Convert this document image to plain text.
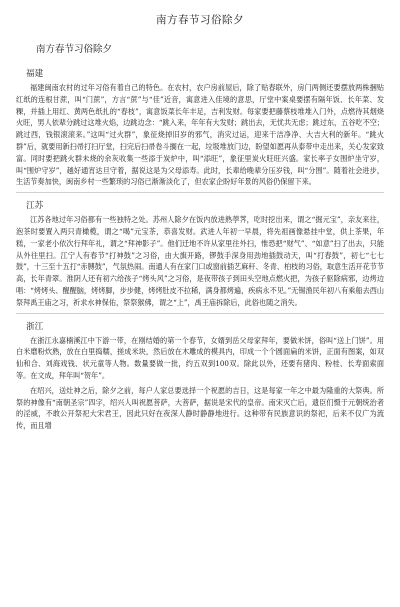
南方春节习俗除夕
南方春节习俗除夕
福建

福建闽南农村的过年习俗有着自己的特色。在农村，农户房前屋后，除了贴春联外，房门两侧还要摆放两株捆贴红纸的连根甘蔗，叫“门蔗”，方言“蔗”与“佳”近音，寓意进入佳境的意思，厅堂中案桌要摆有隔年饭、长年菜、发粿，并插上用红、黄两色纸扎的“春枝”，寓意饭菜长年丰足，吉利发财。每家要把藤蔡枝堆堆入门外，点燃待其烟烧火旺，男人依辈分跳过这堆火焰，边跳边念：“跳入来，年年有大发财；跳出去，无忧共无虑；跳过东，五谷吃不空；跳过西，钱银滚滚来。”这叫“过火群”，象征烧掉旧岁的邪气，消灾过运，迎来干洁净净、大吉大利的新年。“跳火群”后，就要用新扫帚打扫厅堂，扫完后扫帚卷斗搁在一起，垃圾堆放门边，盼望如愿再从泰带中走出来，关心发家致富。同时要把跳火群未烧的余灰收集一些添于炭炉中，叫“添旺”，象征里炭火旺旺兴盛。家长率子女围炉坐守岁，叫“围炉守岁”，越好通宵达旦守着，据说这是为父母添寿。此时，长辈给晚辈分压岁钱，叫“分围”。随着社会进步，生活节奏加快，闽南乡村一些繁琐的习俗已渐渐淡化了，但农家企盼好年景的风俗仍保留下来。

江苏

江苏各地过年习俗都有一些独特之处。苏州人除夕在饭内放进熟荸荠，吃时挖出来，谓之“掘元宝”，亲友来往，泡茶时要置入两只青橄榄，谓之“喝”元宝茶，恭喜发财。武进人年初一早晨，将先祖画像悬挂中堂，供上茶果，年糕，一家老小依次行拜年礼，谓之“拜神影子”。他们迁地不许从家里往外扫，惟恐把“财气”、“如意”扫了出去，只能从外往里扫。江宁人有春节“打神鼓”之习俗，由大旗开路，锣鼓手深身用劲地插鼓动天，叫“打春鼓”，初七“七七鼓”，十三至十五打“赤膊鼓”，气氛热闹。南通人有在家门口或窗前插艺麻秆、冬青、柏枝的习俗，取意生活开花节节高，长年青翠。淮阴人还有初六给孩子“烤头风”之习俗，是夜带孩子到田头空地点燃火把，为孩子驱除病邪，边烤边唱：“烤烤头、醒醒脑，烤烤脚，步步健，烤烤肚皮不拉稀，满身都烤遍，疾病永不见。”无锡渔民年初八有乘船去西山祭拜禹王庙之习，祈求水神保佑，祭祭猴佛，谓之“上”，禹王庙拆除后，此俗也随之消失。

浙江

在浙江永嘉楠溪江中下游一带，在刚结婚的第一个春节，女婿到岳父母家拜年，要做米饼，俗叫“送上门饼”。用白米磨粉炊熟，放在白里捣糯，搓成米块，然后放在木雕成的模具内，印成一个个圆面扁的米饼，正面有图案，如双仙和合、刘海戏钱、状元童等人物。数量要做一批，约五双到100双。除此以外，还要有猪肉、粉桂、长寿面索面等。在文成，拜年叫“贺年”。

在绍兴，送灶神之后，除夕之前，每户人家总要选择一个祝愿的吉日，这是每家一年之中最为隆重的大祭典。所祭的神像有“南朝圣宗”四字，绍兴人叫祝愿菩萨，大菩萨，据说是宋代的皇帝。南宋灭亡后，遗臣们慑于元朝统治者的淫威，不敢公开祭祀大宋君王，因此只好在夜深人静时静静地进行。这种带有民族意识的祭祀，后来不仅广为流传，而且增
